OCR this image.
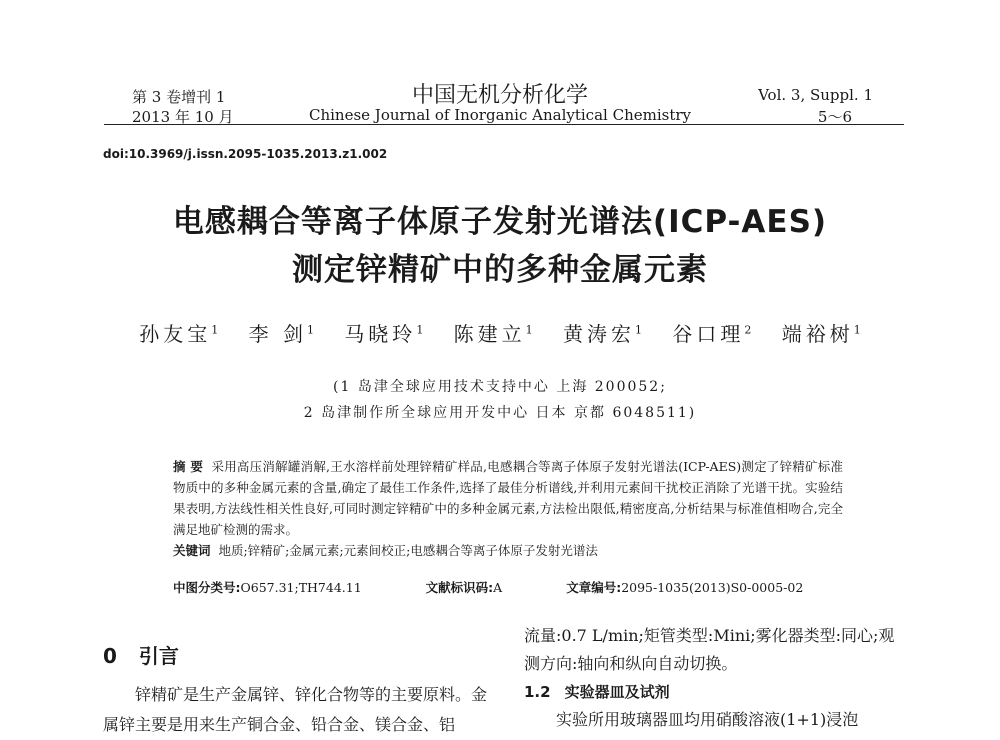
第 3 卷增刊 1
2013 年 10 月
中国无机分析化学
Chinese Journal of Inorganic Analytical Chemistry
Vol. 3, Suppl. 1
5～6
doi:10.3969/j.issn.2095-1035.2013.z1.002
电感耦合等离子体原子发射光谱法(ICP-AES)
测定锌精矿中的多种金属元素
孙友宝$^1$ 李 剑$^1$ 马晓玲$^1$ 陈建立$^1$ 黄涛宏$^1$ 谷口理$^2$ 端裕树$^1$
(1 岛津全球应用技术支持中心 上海 200052;
2 岛津制作所全球应用开发中心 日本 京都 6048511)
摘 要 采用高压消解罐消解,王水溶样前处理锌精矿样品,电感耦合等离子体原子发射光谱法(ICP-AES)测定了锌精矿标准物质中的多种金属元素的含量,确定了最佳工作条件,选择了最佳分析谱线,并利用元素间干扰校正消除了光谱干扰。实验结果表明,方法线性相关性良好,可同时测定锌精矿中的多种金属元素,方法检出限低,精密度高,分析结果与标准值相吻合,完全满足地矿检测的需求。
关键词 地质;锌精矿;金属元素;元素间校正;电感耦合等离子体原子发射光谱法
中图分类号:O657.31;TH744.11	文献标识码:A	文章编号:2095-1035(2013)S0-0005-02
0 引言
锌精矿是生产金属锌、锌化合物等的主要原料。金属锌主要是用来生产铜合金、铅合金、镁合金、铝
流量:0.7 L/min;矩管类型:Mini;雾化器类型:同心;观测方向:轴向和纵向自动切换。
1.2 实验器皿及试剂
实验所用玻璃器皿均用硝酸溶液(1+1)浸泡
